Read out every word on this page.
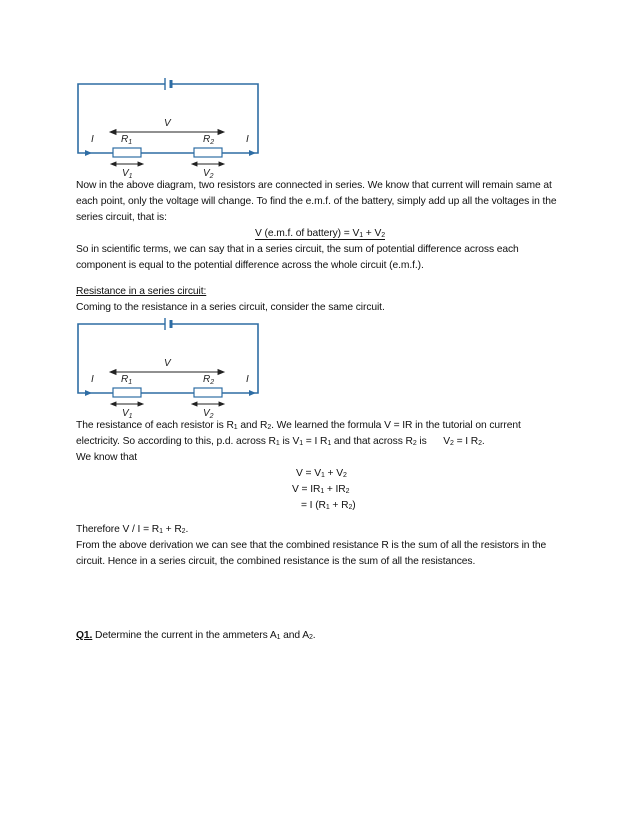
V
I	I
$R_1$	$R_2$
$V_1$	$V_2$
Now in the above diagram, two resistors are connected in series. We know that current will remain same at each point, only the voltage will change. To find the e.m.f. of the battery, simply add up all the voltages in the series circuit, that is:
V (e.m.f. of battery) = $V_1 + V_2$
So in scientific terms, we can say that in a series circuit, the sum of potential difference across each component is equal to the potential difference across the whole circuit (e.m.f.).
Resistance in a series circuit:
Coming to the resistance in a series circuit, consider the same circuit.
V
I	I
$R_1$	$R_2$
$V_1$	$V_2$
The resistance of each resistor is $R_1$ and $R_2$. We learned the formula V = IR in the tutorial on current electricity. So according to this, p.d. across $R_1$ is $V_1 = I$ $R_1$ and that across $R_2$ is      $V_2 = I$ $R_2$.
We know that
$V = V_1 + V_2$
$V = IR_1 + IR_2$
= I $(R_1 + R_2)$
Therefore $V / I = R_1 + R_2$.
From the above derivation we can see that the combined resistance R is the sum of all the resistors in the circuit. Hence in a series circuit, the combined resistance is the sum of all the resistances.
Q1. Determine the current in the ammeters $A_1$ and $A_2$.
